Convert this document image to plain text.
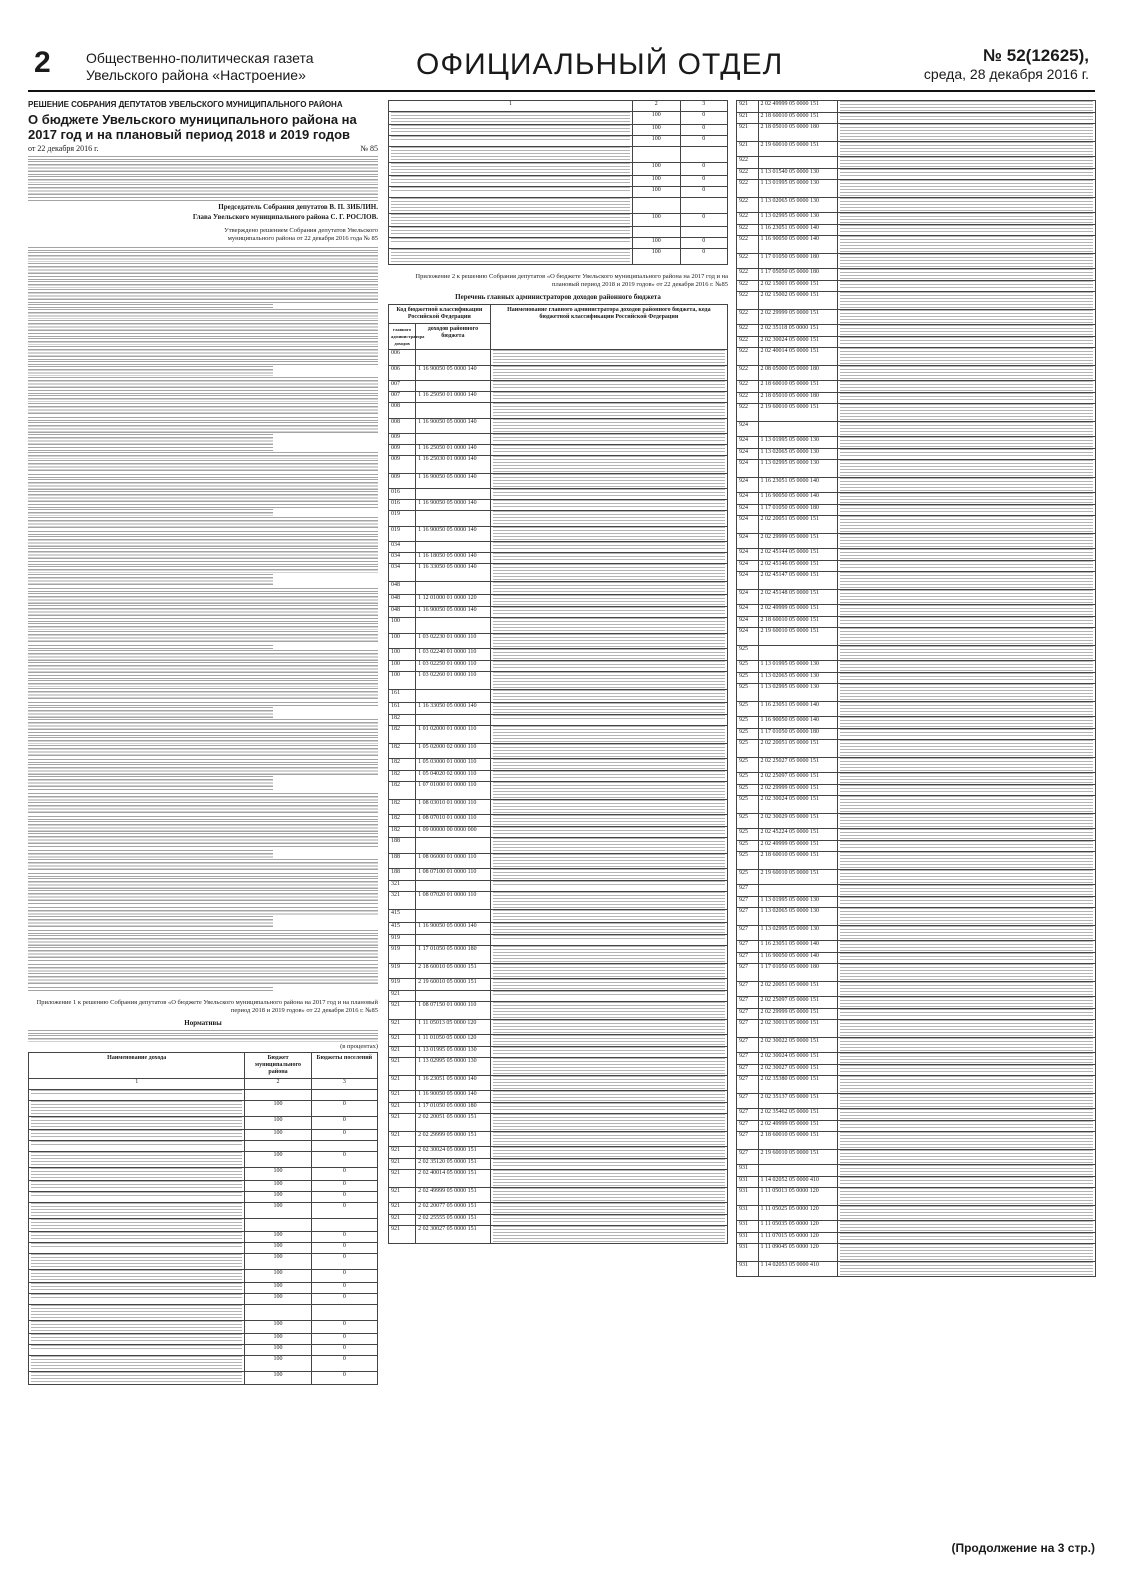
2	Общественно-политическая газета
Увельского района «Настроение»	ОФИЦИАЛЬНЫЙ ОТДЕЛ	№ 52(12625),
среда, 28 декабря 2016 г.
РЕШЕНИЕ СОБРАНИЯ ДЕПУТАТОВ УВЕЛЬСКОГО МУНИЦИПАЛЬНОГО РАЙОНА
О бюджете Увельского муниципального района на 2017 год и на плановый период 2018 и 2019 годов
от 22 декабря 2016 г.	№ 85
Председатель Собрания депутатов В. П. ЗИБЛИН.
Глава Увельского муниципального района С. Г. РОСЛОВ.
Утверждено решением Собрания депутатов Увельского муниципального района от 22 декабря 2016 года № 85
Приложение 1 к решению Собрания депутатов «О бюджете Увельского муниципального района на 2017 год и на плановый период 2018 и 2019 годов» от 22 декабря 2016 г. №85
Нормативы
(в процентах)
Наименование дохода	Бюджет муниципального района	Бюджеты поселений
1	2	3

	100	0

	100	0

	100	0

	100	0

	100	0

	100	0

	100	0

	100	0

	100	0

	100	0

	100	0

	100	0

	100	0

	100	0

	100	0

	100	0

	100	0

	100	0

	100	0
1	2	3

	100	0

	100	0

	100	0

	100	0

	100	0

	100	0

	100	0

	100	0

	100	0
Приложение 2 к решению Собрания депутатов «О бюджете Увельского муниципального района на 2017 год и на плановый период 2018 и 2019 годов» от 22 декабря 2016 г. №85
Перечень главных администраторов доходов районного бюджета
Код бюджетной классификации Российской Федерации		Наименование главного администратора доходов районного бюджета, кода бюджетной классификации Российской Федерации
главного администратора доходов	доходов районного бюджета	
006		

006	1 16 90050 05 0000 140	

007		

007	1 16 25050 01 0000 140	

008		

008	1 16 90050 05 0000 140	

009		

009	1 16 25050 01 0000 140	

009	1 16 25030 01 0000 140	

009	1 16 90050 05 0000 140	

016		

016	1 16 90050 05 0000 140	

019		

019	1 16 90050 05 0000 140	

034		

034	1 16 18050 05 0000 140	

034	1 16 33050 05 0000 140	

048		

048	1 12 01000 01 0000 120	

048	1 16 90050 05 0000 140	

100		

100	1 03 02230 01 0000 110	

100	1 03 02240 01 0000 110	

100	1 03 02250 01 0000 110	

100	1 03 02260 01 0000 110	

161		

161	1 16 33050 05 0000 140	

182		

182	1 01 02000 01 0000 110	

182	1 05 02000 02 0000 110	

182	1 05 03000 01 0000 110	

182	1 05 04020 02 0000 110	

182	1 07 01000 01 0000 110	

182	1 08 03010 01 0000 110	

182	1 08 07010 01 0000 110	

182	1 09 00000 00 0000 000	

188		

188	1 08 06000 01 0000 110	

188	1 08 07100 01 0000 110	

321		

321	1 08 07020 01 0000 110	

415		

415	1 16 90050 05 0000 140	

919		

919	1 17 01050 05 0000 180	

919	2 18 60010 05 0000 151	

919	2 19 60010 05 0000 151	

921		

921	1 08 07150 01 0000 110	

921	1 11 05013 05 0000 120	

921	1 11 01050 05 0000 120	

921	1 13 01995 05 0000 130	

921	1 13 02995 05 0000 130	

921	1 16 23051 05 0000 140	

921	1 16 90050 05 0000 140	

921	1 17 01050 05 0000 180	

921	2 02 20051 05 0000 151	

921	2 02 29999 05 0000 151	

921	2 02 30024 05 0000 151	

921	2 02 35120 05 0000 151	

921	2 02 40014 05 0000 151	

921	2 02 49999 05 0000 151	

921	2 02 20077 05 0000 151	

921	2 02 25555 05 0000 151	

921	2 02 30027 05 0000 151	
921	2 02 49999 05 0000 151	

921	2 18 60010 05 0000 151	

921	2 18 05010 05 0000 180	

921	2 19 60010 05 0000 151	

922		

922	1 13 01540 05 0000 130	

922	1 13 01995 05 0000 130	

922	1 13 02065 05 0000 130	

922	1 13 02995 05 0000 130	

922	1 16 23051 05 0000 140	

922	1 16 90050 05 0000 140	

922	1 17 01050 05 0000 180	

922	1 17 05050 05 0000 180	

922	2 02 15001 05 0000 151	

922	2 02 15002 05 0000 151	

922	2 02 29999 05 0000 151	

922	2 02 35118 05 0000 151	

922	2 02 30024 05 0000 151	

922	2 02 40014 05 0000 151	

922	2 08 05000 05 0000 180	

922	2 18 60010 05 0000 151	

922	2 18 05010 05 0000 180	

922	2 19 60010 05 0000 151	

924		

924	1 13 01995 05 0000 130	

924	1 13 02065 05 0000 130	

924	1 13 02995 05 0000 130	

924	1 16 23051 05 0000 140	

924	1 16 90050 05 0000 140	

924	1 17 01050 05 0000 180	

924	2 02 20051 05 0000 151	

924	2 02 29999 05 0000 151	

924	2 02 45144 05 0000 151	

924	2 02 45146 05 0000 151	

924	2 02 45147 05 0000 151	

924	2 02 45148 05 0000 151	

924	2 02 49999 05 0000 151	

924	2 18 60010 05 0000 151	

924	2 19 60010 05 0000 151	

925		

925	1 13 01995 05 0000 130	

925	1 13 02065 05 0000 130	

925	1 13 02995 05 0000 130	

925	1 16 23051 05 0000 140	

925	1 16 90050 05 0000 140	

925	1 17 01050 05 0000 180	

925	2 02 20051 05 0000 151	

925	2 02 25027 05 0000 151	

925	2 02 25097 05 0000 151	

925	2 02 29999 05 0000 151	

925	2 02 30024 05 0000 151	

925	2 02 30029 05 0000 151	

925	2 02 45224 05 0000 151	

925	2 02 49999 05 0000 151	

925	2 18 60010 05 0000 151	

925	2 19 60010 05 0000 151	

927		

927	1 13 01995 05 0000 130	

927	1 13 02065 05 0000 130	

927	1 13 02995 05 0000 130	

927	1 16 23051 05 0000 140	

927	1 16 90050 05 0000 140	

927	1 17 01050 05 0000 180	

927	2 02 20051 05 0000 151	

927	2 02 25097 05 0000 151	

927	2 02 29999 05 0000 151	

927	2 02 30013 05 0000 151	

927	2 02 30022 05 0000 151	

927	2 02 30024 05 0000 151	

927	2 02 30027 05 0000 151	

927	2 02 35380 05 0000 151	

927	2 02 35137 05 0000 151	

927	2 02 35462 05 0000 151	

927	2 02 49999 05 0000 151	

927	2 18 60010 05 0000 151	

927	2 19 60010 05 0000 151	

931		

931	1 14 02052 05 0000 410	

931	1 11 05013 05 0000 120	

931	1 11 05025 05 0000 120	

931	1 11 05035 05 0000 120	

931	1 11 07015 05 0000 120	

931	1 11 09045 05 0000 120	

931	1 14 02053 05 0000 410	
(Продолжение на 3 стр.)
